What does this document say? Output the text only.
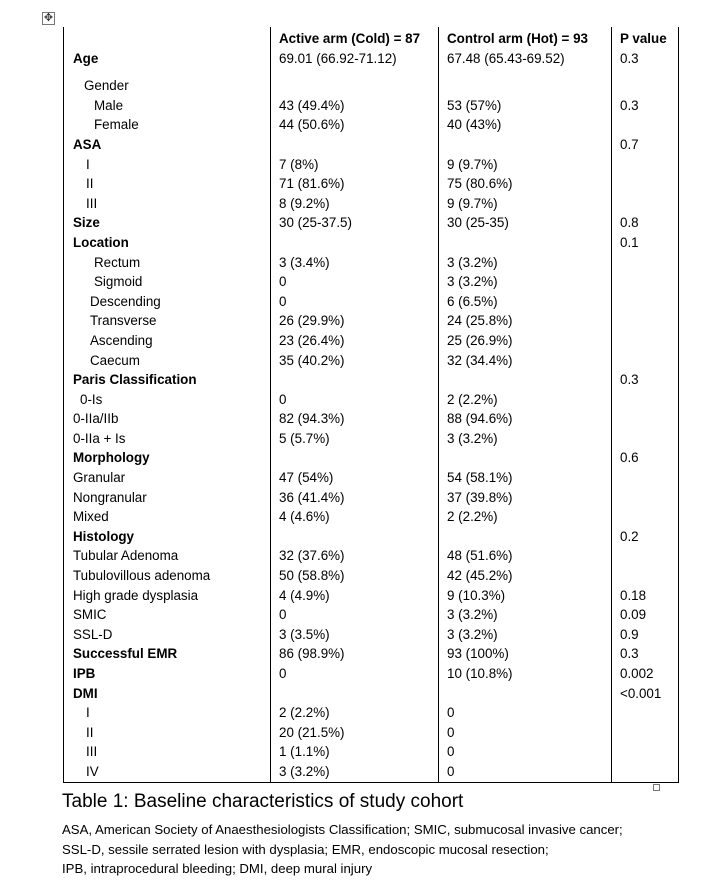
✥
	Active arm (Cold) = 87	Control arm (Hot) = 93	P value
Age	69.01 (66.92-71.12)	67.48 (65.43-69.52)	0.3

Gender			
Male	43 (49.4%)	53 (57%)	0.3
Female	44 (50.6%)	40 (43%)	
ASA			0.7
I	7 (8%)	9 (9.7%)	
II	71 (81.6%)	75 (80.6%)	
III	8 (9.2%)	9 (9.7%)	
Size	30 (25-37.5)	30 (25-35)	0.8
Location			0.1
Rectum	3 (3.4%)	3 (3.2%)	
Sigmoid	0	3 (3.2%)	
Descending	0	6 (6.5%)	
Transverse	26 (29.9%)	24 (25.8%)	
Ascending	23 (26.4%)	25 (26.9%)	
Caecum	35 (40.2%)	32 (34.4%)	
Paris Classification			0.3
0-Is	0	2 (2.2%)	
0-IIa/IIb	82 (94.3%)	88 (94.6%)	
0-IIa + Is	5 (5.7%)	3 (3.2%)	
Morphology			0.6
Granular	47 (54%)	54 (58.1%)	
Nongranular	36 (41.4%)	37 (39.8%)	
Mixed	4 (4.6%)	2 (2.2%)	
Histology			0.2
Tubular Adenoma	32 (37.6%)	48 (51.6%)	
Tubulovillous adenoma	50 (58.8%)	42 (45.2%)	
High grade dysplasia	4 (4.9%)	9 (10.3%)	0.18
SMIC	0	3 (3.2%)	0.09
SSL-D	3 (3.5%)	3 (3.2%)	0.9
Successful EMR	86 (98.9%)	93 (100%)	0.3
IPB	0	10 (10.8%)	0.002
DMI			<0.001
I	2 (2.2%)	0	
II	20 (21.5%)	0	
III	1 (1.1%)	0	
IV	3 (3.2%)	0	
Table 1: Baseline characteristics of study cohort
ASA, American Society of Anaesthesiologists Classification; SMIC, submucosal invasive cancer;
SSL-D, sessile serrated lesion with dysplasia; EMR, endoscopic mucosal resection;
IPB, intraprocedural bleeding; DMI, deep mural injury
